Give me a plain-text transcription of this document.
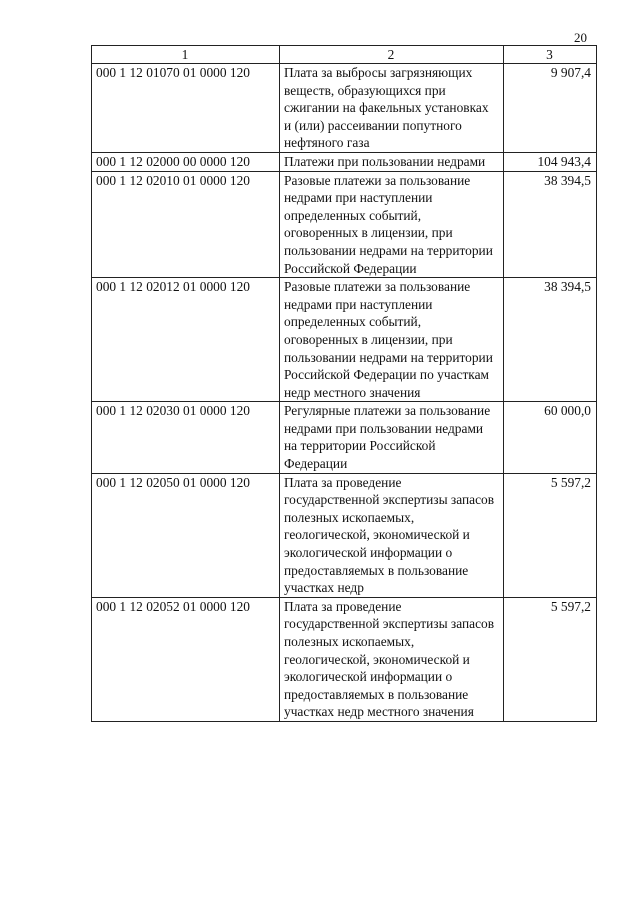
20
1	2	3
000 1 12 01070 01 0000 120	Плата за выбросы загрязняющих веществ, образующихся при сжигании на факельных установках и (или) рассеивании попутного нефтяного газа	9 907,4
000 1 12 02000 00 0000 120	Платежи при пользовании недрами	104 943,4
000 1 12 02010 01 0000 120	Разовые платежи за пользование недрами при наступлении определенных событий, оговоренных в лицензии, при пользовании недрами на территории Российской Федерации	38 394,5
000 1 12 02012 01 0000 120	Разовые платежи за пользование недрами при наступлении определенных событий, оговоренных в лицензии, при пользовании недрами на территории Российской Федерации по участкам недр местного значения	38 394,5
000 1 12 02030 01 0000 120	Регулярные платежи за пользование недрами при пользовании недрами на территории Российской Федерации	60 000,0
000 1 12 02050 01 0000 120	Плата за проведение государственной экспертизы запасов полезных ископаемых, геологической, экономической и экологической информации о предоставляемых в пользование участках недр	5 597,2
000 1 12 02052 01 0000 120	Плата за проведение государственной экспертизы запасов полезных ископаемых, геологической, экономической и экологической информации о предоставляемых в пользование участках недр местного значения	5 597,2
